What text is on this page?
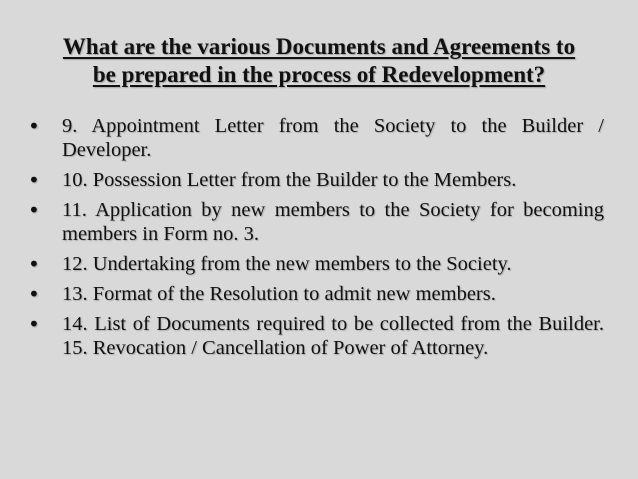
What are the various Documents and Agreements to
be prepared in the process of Redevelopment?
•	9. Appointment Letter from the Society to the Builder / Developer.
•	10. Possession Letter from the Builder to the Members.
•	11. Application by new members to the Society for becoming members in Form no. 3.
•	12. Undertaking from the new members to the Society.
•	13. Format of the Resolution to admit new members.
•	14. List of Documents required to be collected from the Builder. 15. Revocation / Cancellation of Power of Attorney.
